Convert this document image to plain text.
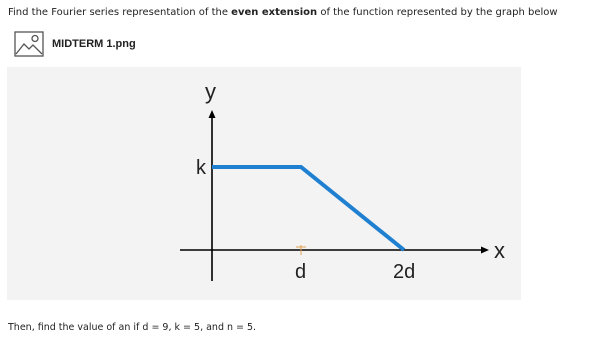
Find the Fourier series representation of the even extension of the function represented by the graph below
MIDTERM 1.png
y
x
k
d	2d
Then, find the value of an if d = 9, k = 5, and n = 5.
